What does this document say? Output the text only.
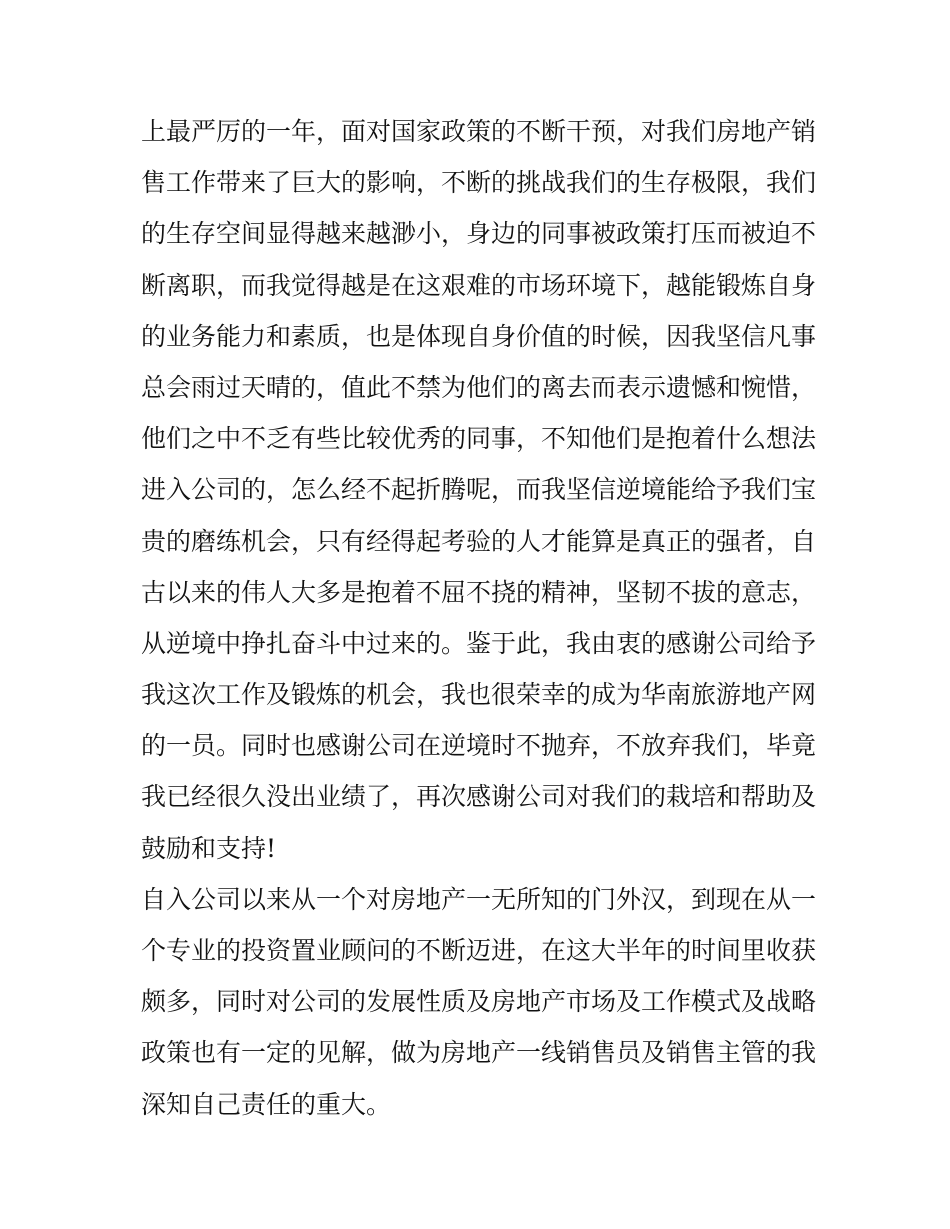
上最严厉的一年，面对国家政策的不断干预，对我们房地产销
售工作带来了巨大的影响，不断的挑战我们的生存极限，我们
的生存空间显得越来越渺小，身边的同事被政策打压而被迫不
断离职，而我觉得越是在这艰难的市场环境下，越能锻炼自身
的业务能力和素质，也是体现自身价值的时候，因我坚信凡事
总会雨过天晴的，值此不禁为他们的离去而表示遗憾和惋惜，
他们之中不乏有些比较优秀的同事，不知他们是抱着什么想法
进入公司的，怎么经不起折腾呢，而我坚信逆境能给予我们宝
贵的磨练机会，只有经得起考验的人才能算是真正的强者，自
古以来的伟人大多是抱着不屈不挠的精神，坚韧不拔的意志，
从逆境中挣扎奋斗中过来的。鉴于此，我由衷的感谢公司给予
我这次工作及锻炼的机会，我也很荣幸的成为华南旅游地产网
的一员。同时也感谢公司在逆境时不抛弃，不放弃我们，毕竟
我已经很久没出业绩了，再次感谢公司对我们的栽培和帮助及
鼓励和支持!

自入公司以来从一个对房地产一无所知的门外汉，到现在从一
个专业的投资置业顾问的不断迈进，在这大半年的时间里收获
颇多，同时对公司的发展性质及房地产市场及工作模式及战略
政策也有一定的见解，做为房地产一线销售员及销售主管的我
深知自己责任的重大。
